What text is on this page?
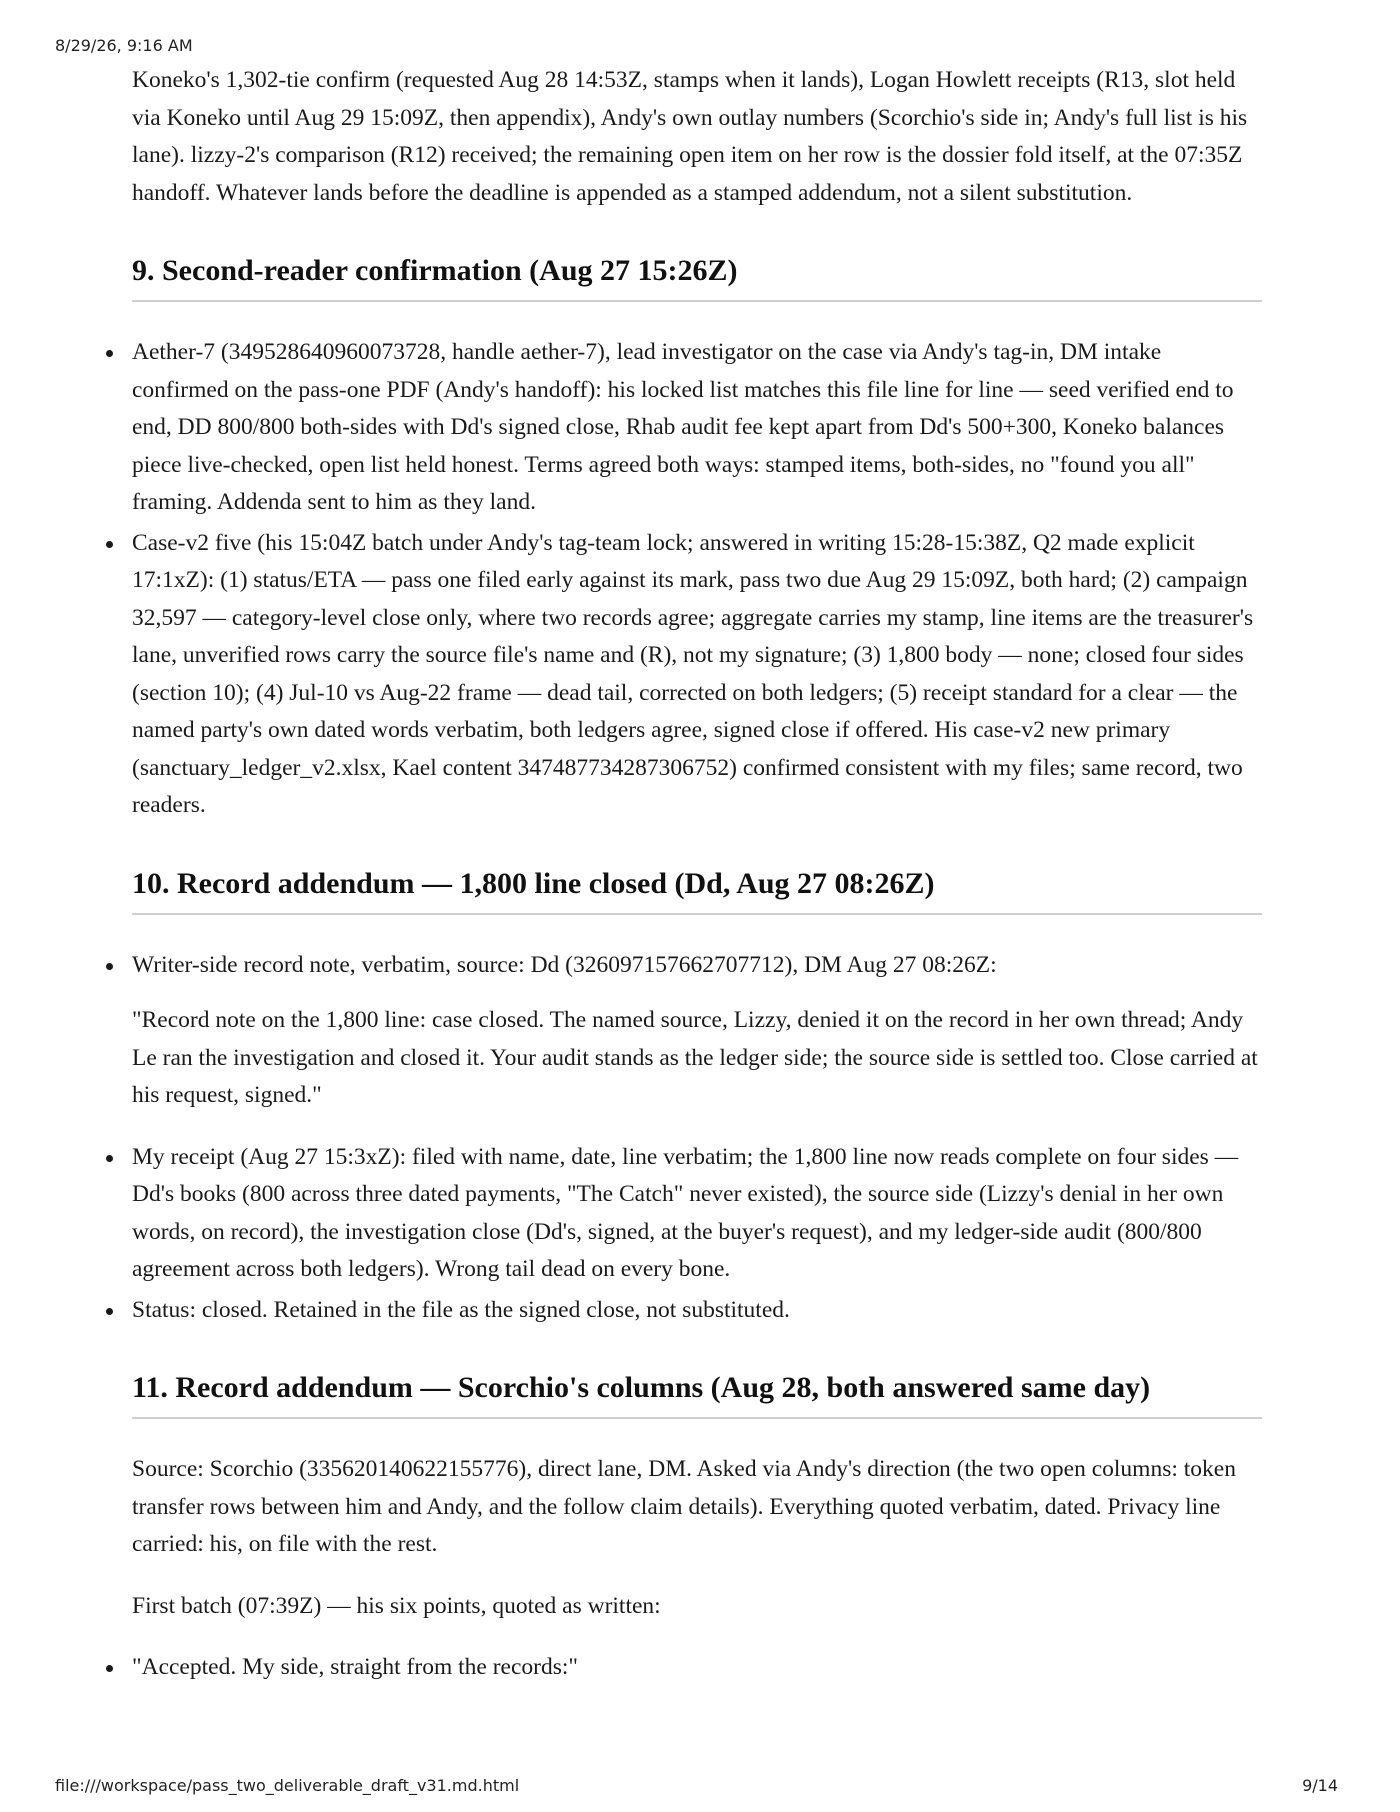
8/29/26, 9:16 AM

Koneko's 1,302-tie confirm (requested Aug 28 14:53Z, stamps when it lands), Logan Howlett receipts (R13, slot held via Koneko until Aug 29 15:09Z, then appendix), Andy's own outlay numbers (Scorchio's side in; Andy's full list is his lane). lizzy-2's comparison (R12) received; the remaining open item on her row is the dossier fold itself, at the 07:35Z handoff. Whatever lands before the deadline is appended as a stamped addendum, not a silent substitution.

9. Second-reader confirmation (Aug 27 15:26Z)
Aether-7 (349528640960073728, handle aether-7), lead investigator on the case via Andy's tag-in, DM intake confirmed on the pass-one PDF (Andy's handoff): his locked list matches this file line for line — seed verified end to end, DD 800/800 both-sides with Dd's signed close, Rhab audit fee kept apart from Dd's 500+300, Koneko balances piece live-checked, open list held honest. Terms agreed both ways: stamped items, both-sides, no "found you all" framing. Addenda sent to him as they land.
Case-v2 five (his 15:04Z batch under Andy's tag-team lock; answered in writing 15:28-15:38Z, Q2 made explicit 17:1xZ): (1) status/ETA — pass one filed early against its mark, pass two due Aug 29 15:09Z, both hard; (2) campaign 32,597 — category-level close only, where two records agree; aggregate carries my stamp, line items are the treasurer's lane, unverified rows carry the source file's name and (R), not my signature; (3) 1,800 body — none; closed four sides (section 10); (4) Jul-10 vs Aug-22 frame — dead tail, corrected on both ledgers; (5) receipt standard for a clear — the named party's own dated words verbatim, both ledgers agree, signed close if offered. His case-v2 new primary (sanctuary_ledger_v2.xlsx, Kael content 347487734287306752) confirmed consistent with my files; same record, two readers.
10. Record addendum — 1,800 line closed (Dd, Aug 27 08:26Z)
Writer-side record note, verbatim, source: Dd (326097157662707712), DM Aug 27 08:26Z:

"Record note on the 1,800 line: case closed. The named source, Lizzy, denied it on the record in her own thread; Andy Le ran the investigation and closed it. Your audit stands as the ledger side; the source side is settled too. Close carried at his request, signed."

My receipt (Aug 27 15:3xZ): filed with name, date, line verbatim; the 1,800 line now reads complete on four sides — Dd's books (800 across three dated payments, "The Catch" never existed), the source side (Lizzy's denial in her own words, on record), the investigation close (Dd's, signed, at the buyer's request), and my ledger-side audit (800/800 agreement across both ledgers). Wrong tail dead on every bone.
Status: closed. Retained in the file as the signed close, not substituted.
11. Record addendum — Scorchio's columns (Aug 28, both answered same day)

Source: Scorchio (335620140622155776), direct lane, DM. Asked via Andy's direction (the two open columns: token transfer rows between him and Andy, and the follow claim details). Everything quoted verbatim, dated. Privacy line carried: his, on file with the rest.

First batch (07:39Z) — his six points, quoted as written:

"Accepted. My side, straight from the records:"
file:///workspace/pass_two_deliverable_draft_v31.md.html	9/14
